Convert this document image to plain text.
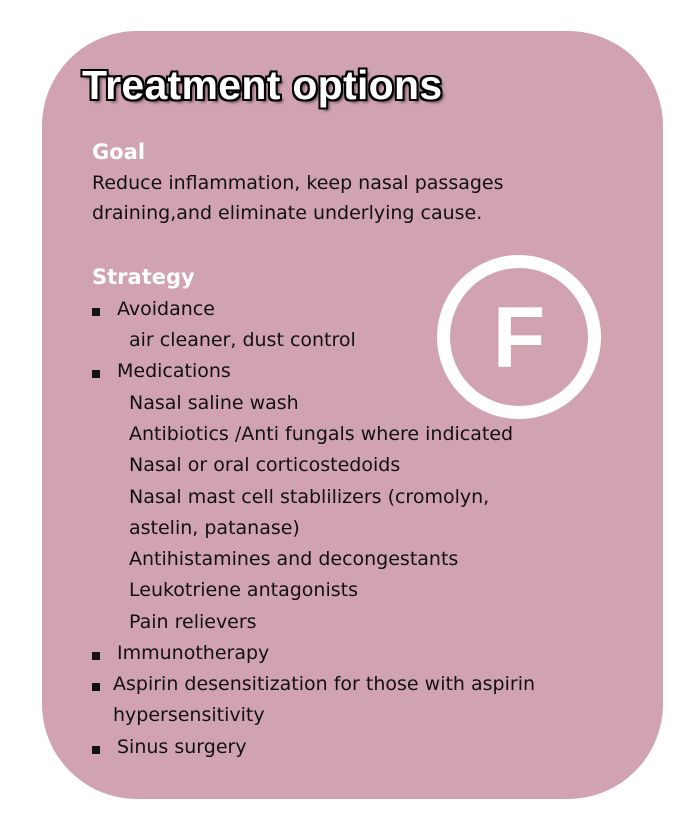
Treatment options
Goal
Reduce inflammation, keep nasal passages draining,and eliminate underlying cause.
Strategy
F
Avoidance
air cleaner, dust control
Medications
Nasal saline wash
Antibiotics /Anti fungals where indicated
Nasal or oral corticostedoids
Nasal mast cell stablilizers (cromolyn,
astelin, patanase)
Antihistamines and decongestants
Leukotriene antagonists
Pain relievers
Immunotherapy
Aspirin desensitization for those with aspirin
hypersensitivity
Sinus surgery
